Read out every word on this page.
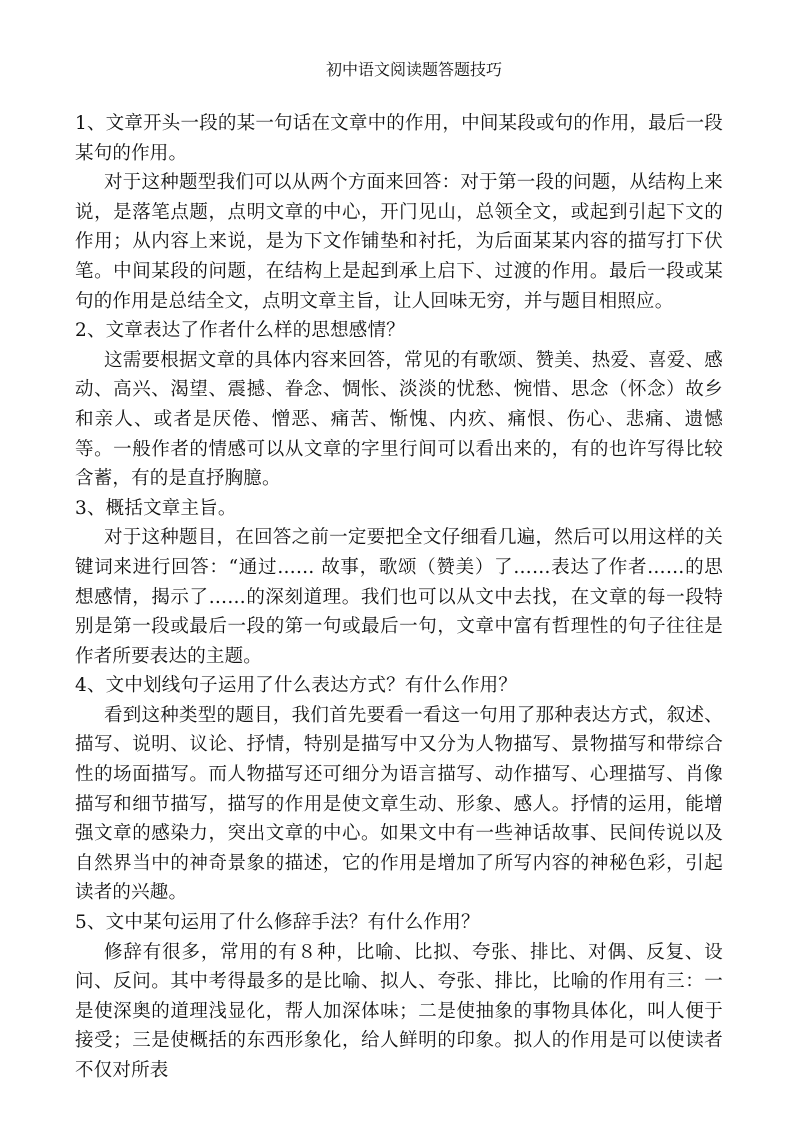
初中语文阅读题答题技巧

1、文章开头一段的某一句话在文章中的作用，中间某段或句的作用，最后一段某句的作用。

对于这种题型我们可以从两个方面来回答：对于第一段的问题，从结构上来说，是落笔点题，点明文章的中心，开门见山，总领全文，或起到引起下文的作用；从内容上来说，是为下文作铺垫和衬托，为后面某某内容的描写打下伏笔。中间某段的问题，在结构上是起到承上启下、过渡的作用。最后一段或某句的作用是总结全文，点明文章主旨，让人回味无穷，并与题目相照应。

2、文章表达了作者什么样的思想感情？

这需要根据文章的具体内容来回答，常见的有歌颂、赞美、热爱、喜爱、感动、高兴、渴望、震撼、眷念、惆怅、淡淡的忧愁、惋惜、思念（怀念）故乡和亲人、或者是厌倦、憎恶、痛苦、惭愧、内疚、痛恨、伤心、悲痛、遗憾等。一般作者的情感可以从文章的字里行间可以看出来的，有的也许写得比较含蓄，有的是直抒胸臆。

3、概括文章主旨。

对于这种题目，在回答之前一定要把全文仔细看几遍，然后可以用这样的关键词来进行回答：“通过…… 故事，歌颂（赞美）了……表达了作者……的思想感情，揭示了……的深刻道理。我们也可以从文中去找，在文章的每一段特别是第一段或最后一段的第一句或最后一句，文章中富有哲理性的句子往往是作者所要表达的主题。

4、文中划线句子运用了什么表达方式？有什么作用？

看到这种类型的题目，我们首先要看一看这一句用了那种表达方式，叙述、描写、说明、议论、抒情，特别是描写中又分为人物描写、景物描写和带综合性的场面描写。而人物描写还可细分为语言描写、动作描写、心理描写、肖像描写和细节描写，描写的作用是使文章生动、形象、感人。抒情的运用，能增强文章的感染力，突出文章的中心。如果文中有一些神话故事、民间传说以及自然界当中的神奇景象的描述，它的作用是增加了所写内容的神秘色彩，引起读者的兴趣。

5、文中某句运用了什么修辞手法？有什么作用？

修辞有很多，常用的有８种，比喻、比拟、夸张、排比、对偶、反复、设问、反问。其中考得最多的是比喻、拟人、夸张、排比，比喻的作用有三：一是使深奥的道理浅显化，帮人加深体味；二是使抽象的事物具体化，叫人便于接受；三是使概括的东西形象化，给人鲜明的印象。拟人的作用是可以使读者不仅对所表
